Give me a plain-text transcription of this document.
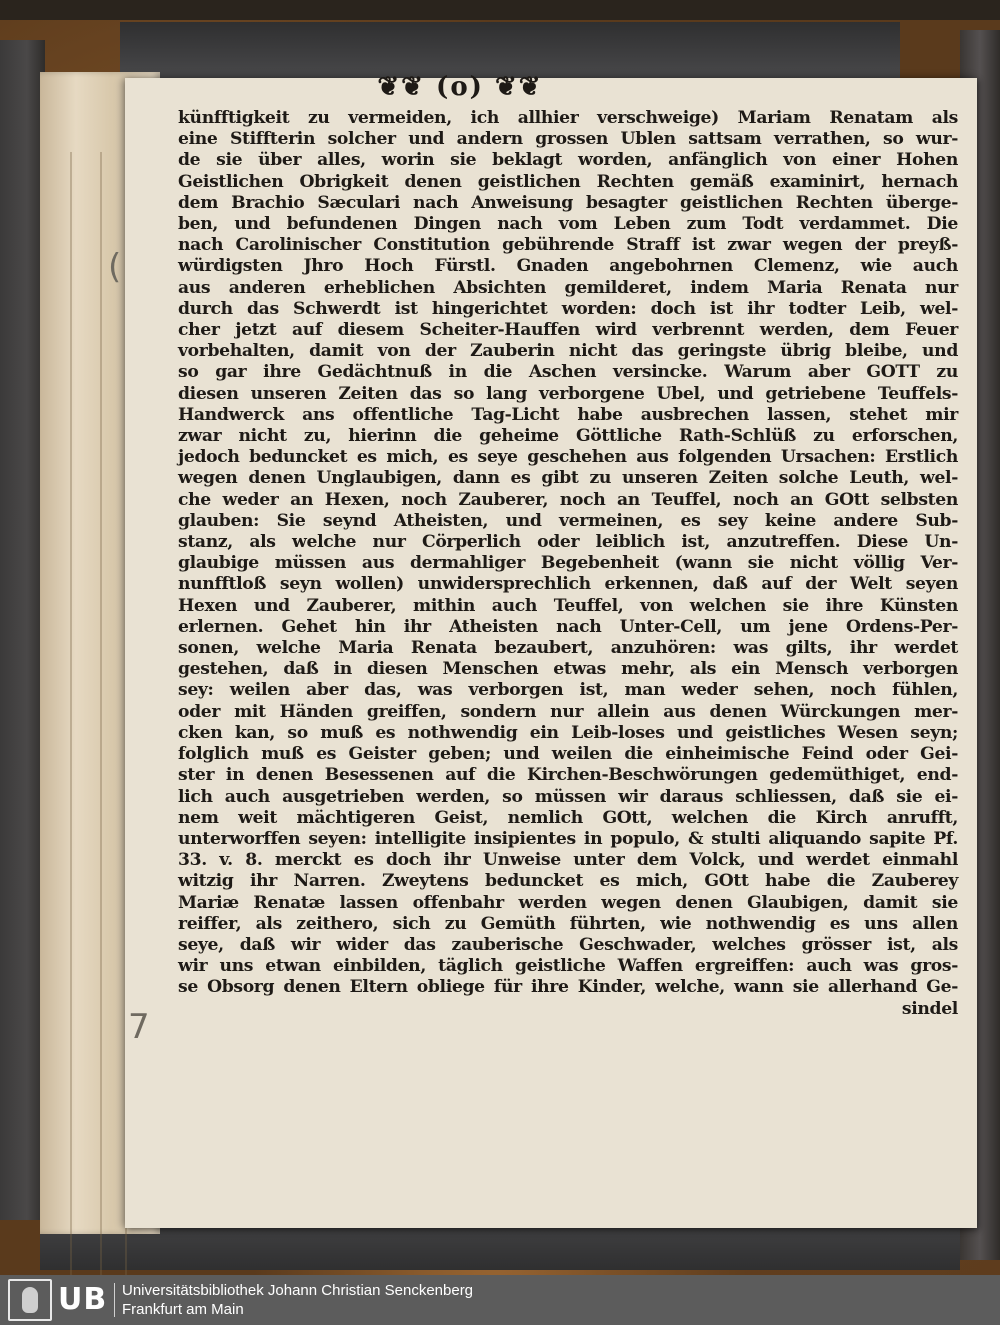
(
7
❦❦ (o) ❦❦
künfftigkeit zu vermeiden, ich allhier verschweige) Mariam Renatam als
eine Stiffterin solcher und andern grossen Ublen sattsam verrathen, so wur-
de sie über alles, worin sie beklagt worden, anfänglich von einer Hohen
Geistlichen Obrigkeit denen geistlichen Rechten gemäß examinirt, hernach
dem Brachio Sæculari nach Anweisung besagter geistlichen Rechten überge-
ben, und befundenen Dingen nach vom Leben zum Todt verdammet. Die
nach Carolinischer Constitution gebührende Straff ist zwar wegen der preyß-
würdigsten Jhro Hoch Fürstl. Gnaden angebohrnen Clemenz, wie auch
aus anderen erheblichen Absichten gemilderet, indem Maria Renata nur
durch das Schwerdt ist hingerichtet worden: doch ist ihr todter Leib, wel-
cher jetzt auf diesem Scheiter-Hauffen wird verbrennt werden, dem Feuer
vorbehalten, damit von der Zauberin nicht das geringste übrig bleibe, und
so gar ihre Gedächtnuß in die Aschen versincke. Warum aber GOTT zu
diesen unseren Zeiten das so lang verborgene Ubel, und getriebene Teuffels-
Handwerck ans offentliche Tag-Licht habe ausbrechen lassen, stehet mir
zwar nicht zu, hierinn die geheime Göttliche Rath-Schlüß zu erforschen,
jedoch beduncket es mich, es seye geschehen aus folgenden Ursachen: Erstlich
wegen denen Unglaubigen, dann es gibt zu unseren Zeiten solche Leuth, wel-
che weder an Hexen, noch Zauberer, noch an Teuffel, noch an GOtt selbsten
glauben: Sie seynd Atheisten, und vermeinen, es sey keine andere Sub-
stanz, als welche nur Cörperlich oder leiblich ist, anzutreffen. Diese Un-
glaubige müssen aus dermahliger Begebenheit (wann sie nicht völlig Ver-
nunfftloß seyn wollen) unwidersprechlich erkennen, daß auf der Welt seyen
Hexen und Zauberer, mithin auch Teuffel, von welchen sie ihre Künsten
erlernen. Gehet hin ihr Atheisten nach Unter-Cell, um jene Ordens-Per-
sonen, welche Maria Renata bezaubert, anzuhören: was gilts, ihr werdet
gestehen, daß in diesen Menschen etwas mehr, als ein Mensch verborgen
sey: weilen aber das, was verborgen ist, man weder sehen, noch fühlen,
oder mit Händen greiffen, sondern nur allein aus denen Würckungen mer-
cken kan, so muß es nothwendig ein Leib-loses und geistliches Wesen seyn;
folglich muß es Geister geben; und weilen die einheimische Feind oder Gei-
ster in denen Besessenen auf die Kirchen-Beschwörungen gedemüthiget, end-
lich auch ausgetrieben werden, so müssen wir daraus schliessen, daß sie ei-
nem weit mächtigeren Geist, nemlich GOtt, welchen die Kirch anrufft,
unterworffen seyen: intelligite insipientes in populo, & stulti aliquando sapite Pf.
33. v. 8. merckt es doch ihr Unweise unter dem Volck, und werdet einmahl
witzig ihr Narren. Zweytens beduncket es mich, GOtt habe die Zauberey
Mariæ Renatæ lassen offenbahr werden wegen denen Glaubigen, damit sie
reiffer, als zeithero, sich zu Gemüth führten, wie nothwendig es uns allen
seye, daß wir wider das zauberische Geschwader, welches grösser ist, als
wir uns etwan einbilden, täglich geistliche Waffen ergreiffen: auch was gros-
se Obsorg denen Eltern obliege für ihre Kinder, welche, wann sie allerhand Ge-
sindel
UB Universitätsbibliothek Johann Christian Senckenberg
Frankfurt am Main
